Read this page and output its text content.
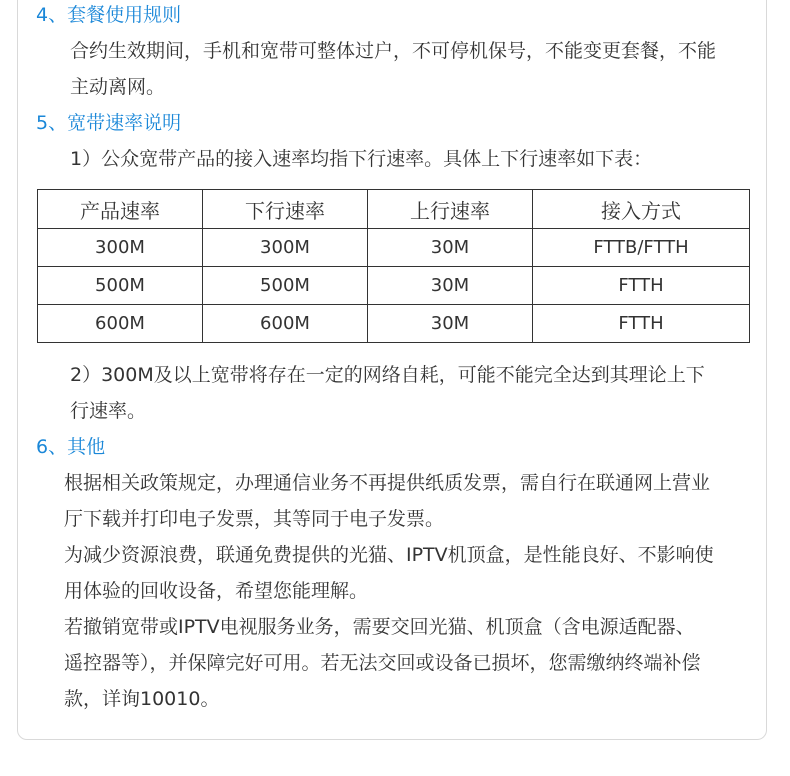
4、套餐使用规则
合约生效期间，手机和宽带可整体过户，不可停机保号，不能变更套餐，不能
主动离网。
5、宽带速率说明
1）公众宽带产品的接入速率均指下行速率。具体上下行速率如下表：
产品速率	下行速率	上行速率	接入方式
300M	300M	30M	FTTB/FTTH
500M	500M	30M	FTTH
600M	600M	30M	FTTH
2）300M及以上宽带将存在一定的网络自耗，可能不能完全达到其理论上下
行速率。
6、其他
根据相关政策规定，办理通信业务不再提供纸质发票，需自行在联通网上营业
厅下载并打印电子发票，其等同于电子发票。
为减少资源浪费，联通免费提供的光猫、IPTV机顶盒，是性能良好、不影响使
用体验的回收设备，希望您能理解。
若撤销宽带或IPTV电视服务业务，需要交回光猫、机顶盒（含电源适配器、
遥控器等），并保障完好可用。若无法交回或设备已损坏，您需缴纳终端补偿
款，详询10010。
